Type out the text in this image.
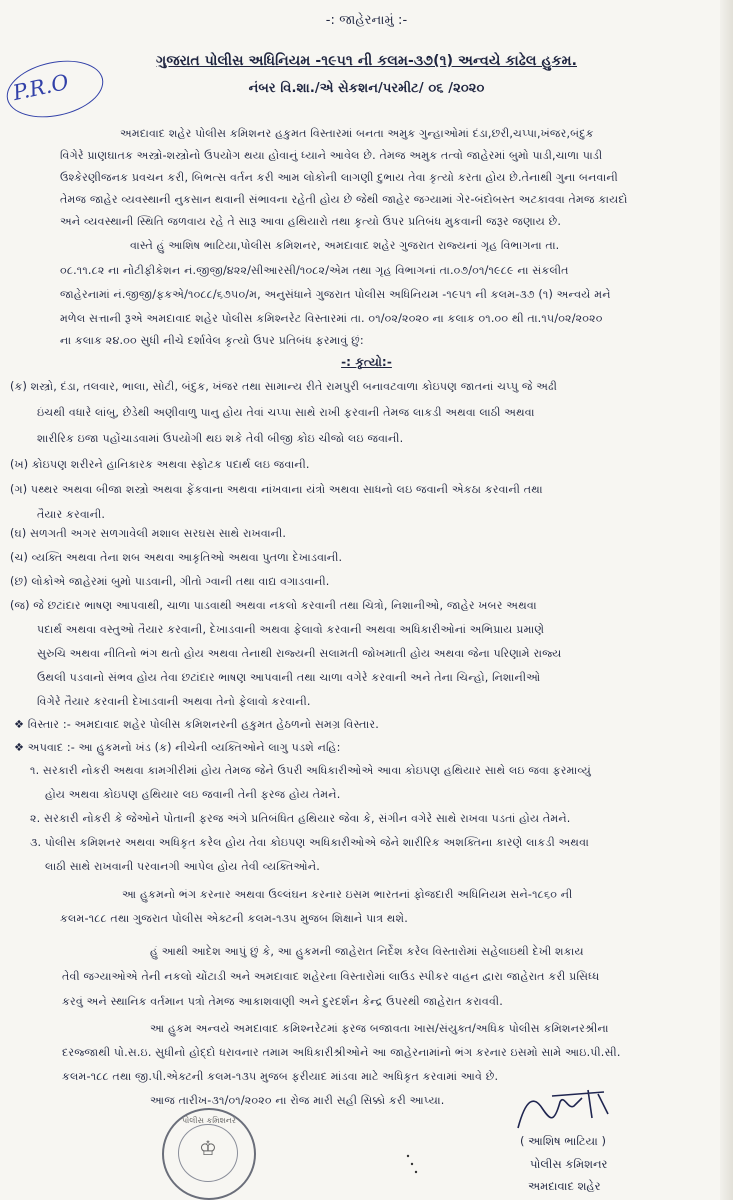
-: જાહેરનામું :-
ગુજરાત પોલીસ અધિનિયમ -૧૯૫૧ ની કલમ-૩૭(૧) અન્વયે કાઢેલ હુકમ.
નંબર વિ.શા./એ સેકશન/પરમીટ/ ૦૬ /૨૦૨૦
P.R.O
અમદાવાદ શહેર પોલીસ કમિશનર હકુમત વિસ્તારમાં બનતા અમુક ગુન્હાઓમાં દંડા,છરી,ચપ્પા,ખંજર,બંદુક
વિગેરે પ્રાણઘાતક અસ્ત્રો-શસ્ત્રોનો ઉપયોગ થયા હોવાનું ધ્યાને આવેલ છે. તેમજ અમુક તત્વો જાહેરમાં બુમો પાડી,ચાળા પાડી
ઉશ્કેરણીજનક પ્રવચન કરી, બિભત્સ વર્તન કરી આમ લોકોની લાગણી દુભાય તેવા કૃત્યો કરતા હોય છે.તેનાથી ગુના બનવાની
તેમજ જાહેર વ્યવસ્થાની નુકસાન થવાની સંભાવના રહેતી હોય છે જેથી જાહેર જગ્યામાં ગેર-બંદોબસ્ત અટકાવવા તેમજ કાયદો
અને વ્યવસ્થાની સ્થિતિ જળવાય રહે તે સારૂ આવા હથિયારો તથા કૃત્યો ઉપર પ્રતિબંધ મુકવાની જરૂર જણાય છે.
વાસ્તે હું આશિષ ભાટિયા,પોલીસ કમિશનર, અમદાવાદ શહેર ગુજરાત રાજ્યનાં ગૃહ વિભાગના તા.
૦૮.૧૧.૮૨ ના નોટીફીકેશન નં.જીજી/૪૨૨/સીઆરસી/૧૦૮૨/એમ તથા ગૃહ વિભાગનાં તા.૦૭/૦૧/૧૯૮૯ ના સંકલીત
જાહેરનામાં નં.જીજી/ફકએ/૧૦૮૮/૬૭૫૦/મ, અનુસંધાને ગુજરાત પોલીસ અધિનિયમ -૧૯૫૧ ની કલમ-૩૭ (૧) અન્વયે મને
મળેલ સત્તાની રૂએ અમદાવાદ શહેર પોલીસ કમિશ્નરેટ વિસ્તારમાં તા. ૦૧/૦૨/૨૦૨૦ ના કલાક ૦૧.૦૦ થી તા.૧૫/૦૨/૨૦૨૦
ના કલાક ૨૪.૦૦ સુધી નીચે દર્શાવેલ કૃત્યો ઉપર પ્રતિબંધ ફરમાવું છું:
-: કૃત્યો:-
(ક) શસ્ત્રો, દંડા, તલવાર, ભાલા, સોટી, બંદુક, ખંજર તથા સામાન્ય રીતે રામપુરી બનાવટવાળા કોઇપણ જાતનાં ચપ્પુ જે અઢી
ઇંચથી વધારે લાંબુ, છેડેથી અણીવાળુ પાનુ હોય તેવાં ચપ્પા સાથે રાખી ફરવાની તેમજ લાકડી અથવા લાઠી અથવા
શારીરિક ઇજા પહોંચાડવામાં ઉપયોગી થઇ શકે તેવી બીજી કોઇ ચીજો લઇ જવાની.
(ખ) કોઇપણ શરીરને હાનિકારક અથવા સ્ફોટક પદાર્થ લઇ જવાની.
(ગ) પથ્થર અથવા બીજા શસ્ત્રો અથવા ફેંકવાના અથવા નાંખવાના યંત્રો અથવા સાધનો લઇ જવાની એકઠા કરવાની તથા
તૈયાર કરવાની.
(ઘ) સળગતી અગર સળગાવેલી મશાલ સરઘસ સાથે રાખવાની.
(ચ) વ્યક્તિ અથવા તેના શબ અથવા આકૃતિઓ અથવા પુતળા દેખાડવાની.
(છ) લોકોએ જાહેરમાં બુમો પાડવાની, ગીતો ગ્વાની તથા વાદ્ય વગાડવાની.
(જ) જે છટાંદાર ભાષણ આપવાથી, ચાળા પાડવાથી અથવા નકલો કરવાની તથા ચિત્રો, નિશાનીઓ, જાહેર ખબર અથવા
પદાર્થ અથવા વસ્તુઓ તૈયાર કરવાની, દેખાડવાની અથવા ફેલાવો કરવાની અથવા અધિકારીઓનાં અભિપ્રાય પ્રમાણે
સુરુચિ અથવા નીતિનો ભંગ થતો હોય અથવા તેનાથી રાજ્યની સલામતી જોખમાતી હોય અથવા જેના પરિણામે રાજ્ય
ઉથલી પડવાનો સંભવ હોય તેવા છટાંદાર ભાષણ આપવાની તથા ચાળા વગેરે કરવાની અને તેના ચિન્હો, નિશાનીઓ
વિગેરે તૈયાર કરવાની દેખાડવાની અથવા તેનો ફેલાવો કરવાની.
❖ વિસ્તાર :- અમદાવાદ શહેર પોલીસ કમિશનરની હકુમત હેઠળનો સમગ્ર વિસ્તાર.
❖ અપવાદ :- આ હુકમનો ખંડ (ક) નીચેની વ્યક્તિઓને લાગુ પડશે નહિ:
૧. સરકારી નોકરી અથવા કામગીરીમાં હોય તેમજ જેને ઉપરી અધિકારીઓએ આવા કોઇપણ હથિયાર સાથે લઇ જવા ફરમાવ્યું
હોય અથવા કોઇપણ હથિયાર લઇ જવાની તેની ફરજ હોય તેમને.
૨. સરકારી નોકરી કે જેઓને પોતાની ફરજ અંગે પ્રતિબંધિત હથિયાર જેવા કે, સંગીન વગેરે સાથે રાખવા પડતાં હોય તેમને.
૩. પોલીસ કમિશનર અથવા અધિકૃત કરેલ હોય તેવા કોઇપણ અધિકારીઓએ જેને શારીરિક અશક્તિના કારણે લાકડી અથવા
લાઠી સાથે રાખવાની પરવાનગી આપેલ હોય તેવી વ્યક્તિઓને.
આ હુકમનો ભંગ કરનાર અથવા ઉલ્લંઘન કરનાર ઇસમ ભારતનાં ફોજદારી અધિનિયમ સને-૧૮૬૦ ની
કલમ-૧૮૮ તથા ગુજરાત પોલીસ એક્ટની કલમ-૧૩૫ મુજબ શિક્ષાને પાત્ર થશે.
હું આથી આદેશ આપું છું કે, આ હુકમની જાહેરાત નિર્દેશ કરેલ વિસ્તારોમાં સહેલાઇથી દેખી શકાય
તેવી જગ્યાઓએ તેની નકલો ચોંટાડી અને અમદાવાદ શહેરના વિસ્તારોમાં લાઉડ સ્પીકર વાહન દ્વારા જાહેરાત કરી પ્રસિધ્ધ
કરવું અને સ્થાનિક વર્તમાન પત્રો તેમજ આકાશવાણી અને દુરદર્શન કેન્દ્ર ઉપરથી જાહેરાત કરાવવી.
આ હુકમ અન્વયે અમદાવાદ કમિશ્નરેટમાં ફરજ બજાવતા ખાસ/સંયુક્ત/અધિક પોલીસ કમિશનરશ્રીના
દરજ્જાથી પો.સ.ઇ. સુધીનો હોદ્દો ધરાવનાર તમામ અધિકારીશ્રીઓને આ જાહેરનામાંનો ભંગ કરનાર ઇસમો સામે આઇ.પી.સી.
કલમ-૧૮૮ તથા જી.પી.એક્ટની કલમ-૧૩૫ મુજબ ફરીયાદ માંડવા માટે અધિકૃત કરવામાં આવે છે.
આજ તારીખ-૩૧/૦૧/૨૦૨૦ ના રોજ મારી સહી સિક્કો કરી આપ્યા.
પોલીસ કમિશનર
♔	( આશિષ ભાટિયા )
પોલીસ કમિશનર
અમદાવાદ શહેર
